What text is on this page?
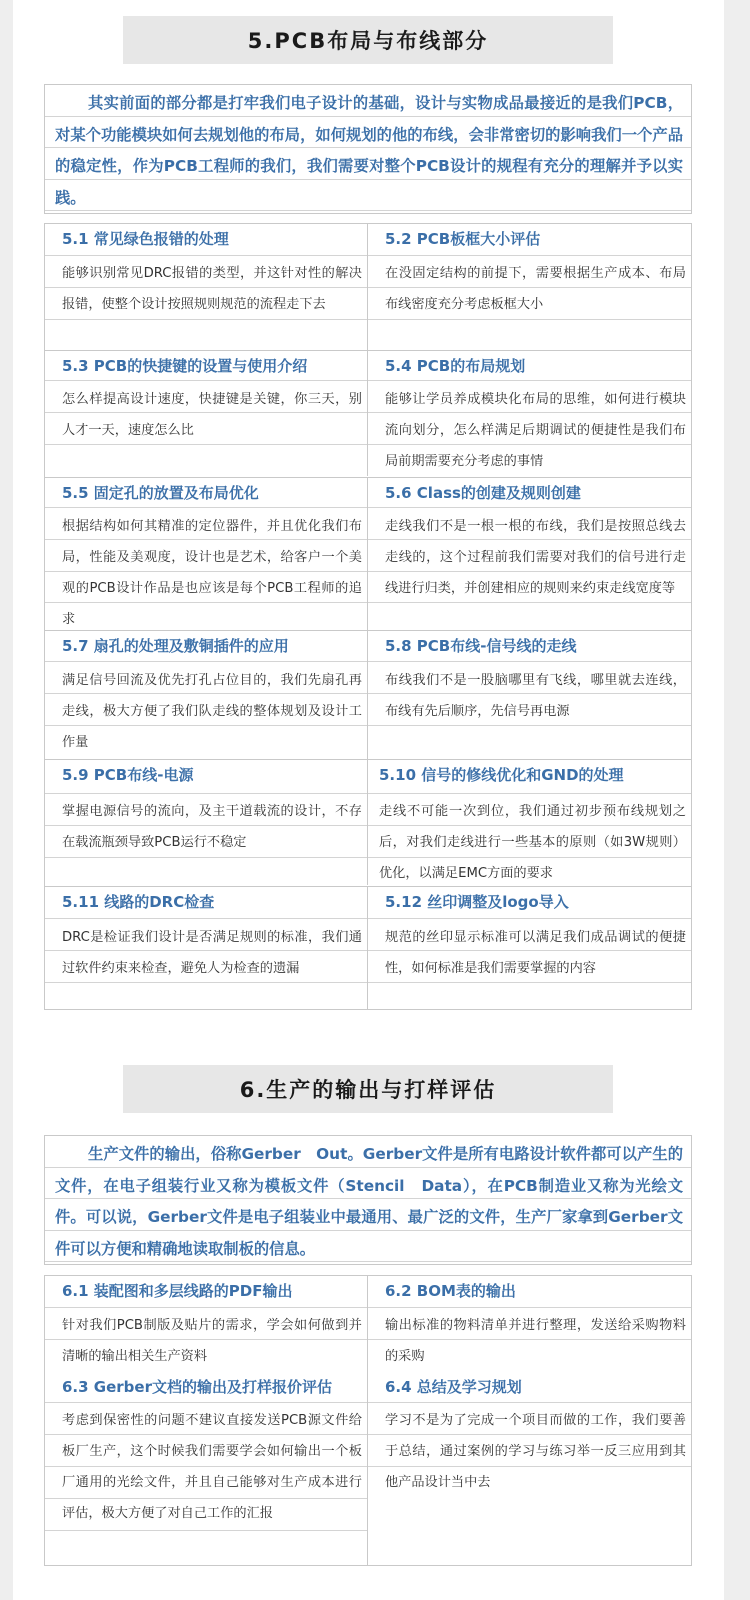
5.PCB布局与布线部分

其实前面的部分都是打牢我们电子设计的基础，设计与实物成品最接近的是我们PCB，对某个功能模块如何去规划他的布局，如何规划的他的布线，会非常密切的影响我们一个产品的稳定性，作为PCB工程师的我们，我们需要对整个PCB设计的规程有充分的理解并予以实践。

5.1 常见绿色报错的处理

能够识别常见DRC报错的类型，并这针对性的解决报错，使整个设计按照规则规范的流程走下去

5.2 PCB板框大小评估

在没固定结构的前提下，需要根据生产成本、布局布线密度充分考虑板框大小

5.3 PCB的快捷键的设置与使用介绍

怎么样提高设计速度，快捷键是关键，你三天，别人才一天，速度怎么比

5.4 PCB的布局规划

能够让学员养成模块化布局的思维，如何进行模块流向划分，怎么样满足后期调试的便捷性是我们布局前期需要充分考虑的事情

5.5 固定孔的放置及布局优化

根据结构如何其精准的定位器件，并且优化我们布局，性能及美观度，设计也是艺术，给客户一个美观的PCB设计作品是也应该是每个PCB工程师的追求

5.6 Class的创建及规则创建

走线我们不是一根一根的布线，我们是按照总线去走线的，这个过程前我们需要对我们的信号进行走线进行归类，并创建相应的规则来约束走线宽度等

5.7 扇孔的处理及敷铜插件的应用

满足信号回流及优先打孔占位目的，我们先扇孔再走线，极大方便了我们队走线的整体规划及设计工作量

5.8 PCB布线-信号线的走线

布线我们不是一股脑哪里有飞线，哪里就去连线，布线有先后顺序，先信号再电源

5.9 PCB布线-电源

掌握电源信号的流向，及主干道载流的设计，不存在载流瓶颈导致PCB运行不稳定

5.10 信号的修线优化和GND的处理

走线不可能一次到位，我们通过初步预布线规划之后，对我们走线进行一些基本的原则（如3W规则）优化，以满足EMC方面的要求

5.11 线路的DRC检查

DRC是检证我们设计是否满足规则的标准，我们通过软件约束来检查，避免人为检查的遗漏

5.12 丝印调整及logo导入

规范的丝印显示标准可以满足我们成品调试的便捷性，如何标准是我们需要掌握的内容

6.生产的输出与打样评估

生产文件的输出，俗称Gerber　Out。Gerber文件是所有电路设计软件都可以产生的文件，在电子组装行业又称为模板文件（Stencil　Data），在PCB制造业又称为光绘文件。可以说，Gerber文件是电子组装业中最通用、最广泛的文件，生产厂家拿到Gerber文件可以方便和精确地读取制板的信息。

6.1 装配图和多层线路的PDF输出

针对我们PCB制版及贴片的需求，学会如何做到并清晰的输出相关生产资料

6.2 BOM表的输出

输出标准的物料清单并进行整理，发送给采购物料的采购

6.3 Gerber文档的输出及打样报价评估

考虑到保密性的问题不建议直接发送PCB源文件给板厂生产，这个时候我们需要学会如何输出一个板厂通用的光绘文件，并且自己能够对生产成本进行评估，极大方便了对自己工作的汇报

6.4 总结及学习规划

学习不是为了完成一个项目而做的工作，我们要善于总结，通过案例的学习与练习举一反三应用到其他产品设计当中去
